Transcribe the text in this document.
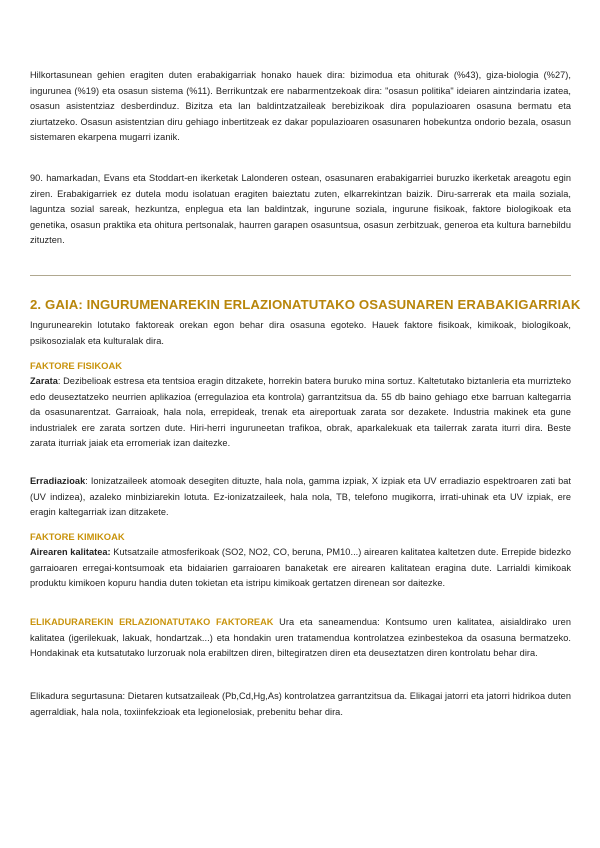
Hilkortasunean gehien eragiten duten erabakigarriak honako hauek dira: bizimodua eta ohiturak (%43), giza-biologia (%27), ingurunea (%19) eta osasun sistema (%11). Berrikuntzak ere nabarmentzekoak dira: "osasun politika" ideiaren aintzindaria izatea, osasun asistentziaz desberdinduz. Bizitza eta lan baldintzatzaileak berebizikoak dira populazioaren osasuna bermatu eta ziurtatzeko. Osasun asistentzian diru gehiago inbertitzeak ez dakar populazioaren osasunaren hobekuntza ondorio bezala, osasun sistemaren ekarpena mugarri izanik.

90. hamarkadan, Evans eta Stoddart-en ikerketak Lalonderen ostean, osasunaren erabakigarriei buruzko ikerketak areagotu egin ziren. Erabakigarriek ez dutela modu isolatuan eragiten baieztatu zuten, elkarrekintzan baizik. Diru-sarrerak eta maila soziala, laguntza sozial sareak, hezkuntza, enplegua eta lan baldintzak, ingurune soziala, ingurune fisikoak, faktore biologikoak eta genetika, osasun praktika eta ohitura pertsonalak, haurren garapen osasuntsua, osasun zerbitzuak, generoa eta kultura barnebildu zituzten.

2. GAIA: INGURUMENAREKIN ERLAZIONATUTAKO OSASUNAREN ERABAKIGARRIAK

Ingurunearekin lotutako faktoreak orekan egon behar dira osasuna egoteko. Hauek faktore fisikoak, kimikoak, biologikoak, psikosozialak eta kulturalak dira.

FAKTORE FISIKOAK

Zarata: Dezibelioak estresa eta tentsioa eragin ditzakete, horrekin batera buruko mina sortuz. Kaltetutako biztanleria eta murrizteko edo deuseztatzeko neurrien aplikazioa (erregulazioa eta kontrola) garrantzitsua da. 55 db baino gehiago etxe barruan kaltegarria da osasunarentzat. Garraioak, hala nola, errepideak, trenak eta aireportuak zarata sor dezakete. Industria makinek eta gune industrialek ere zarata sortzen dute. Hiri-herri inguruneetan trafikoa, obrak, aparkalekuak eta tailerrak zarata iturri dira. Beste zarata iturriak jaiak eta erromeriak izan daitezke.

Erradiazioak: Ionizatzaileek atomoak desegiten dituzte, hala nola, gamma izpiak, X izpiak eta UV erradiazio espektroaren zati bat (UV indizea), azaleko minbiziarekin lotuta. Ez-ionizatzaileek, hala nola, TB, telefono mugikorra, irrati-uhinak eta UV izpiak, ere eragin kaltegarriak izan ditzakete.

FAKTORE KIMIKOAK

Airearen kalitatea: Kutsatzaile atmosferikoak (SO2, NO2, CO, beruna, PM10...) airearen kalitatea kaltetzen dute. Errepide bidezko garraioaren erregai-kontsumoak eta bidaiarien garraioaren banaketak ere airearen kalitatean eragina dute. Larrialdi kimikoak produktu kimikoen kopuru handia duten tokietan eta istripu kimikoak gertatzen direnean sor daitezke.

ELIKADURAREKIN ERLAZIONATUTAKO FAKTOREAK Ura eta saneamendua: Kontsumo uren kalitatea, aisialdirako uren kalitatea (igerilekuak, lakuak, hondartzak...) eta hondakin uren tratamendua kontrolatzea ezinbestekoa da osasuna bermatzeko. Hondakinak eta kutsatutako lurzoruak nola erabiltzen diren, biltegiratzen diren eta deuseztatzen diren kontrolatu behar dira.

Elikadura segurtasuna: Dietaren kutsatzaileak (Pb,Cd,Hg,As) kontrolatzea garrantzitsua da. Elikagai jatorri eta jatorri hidrikoa duten agerraldiak, hala nola, toxiinfekzioak eta legionelosiak, prebenitu behar dira.
